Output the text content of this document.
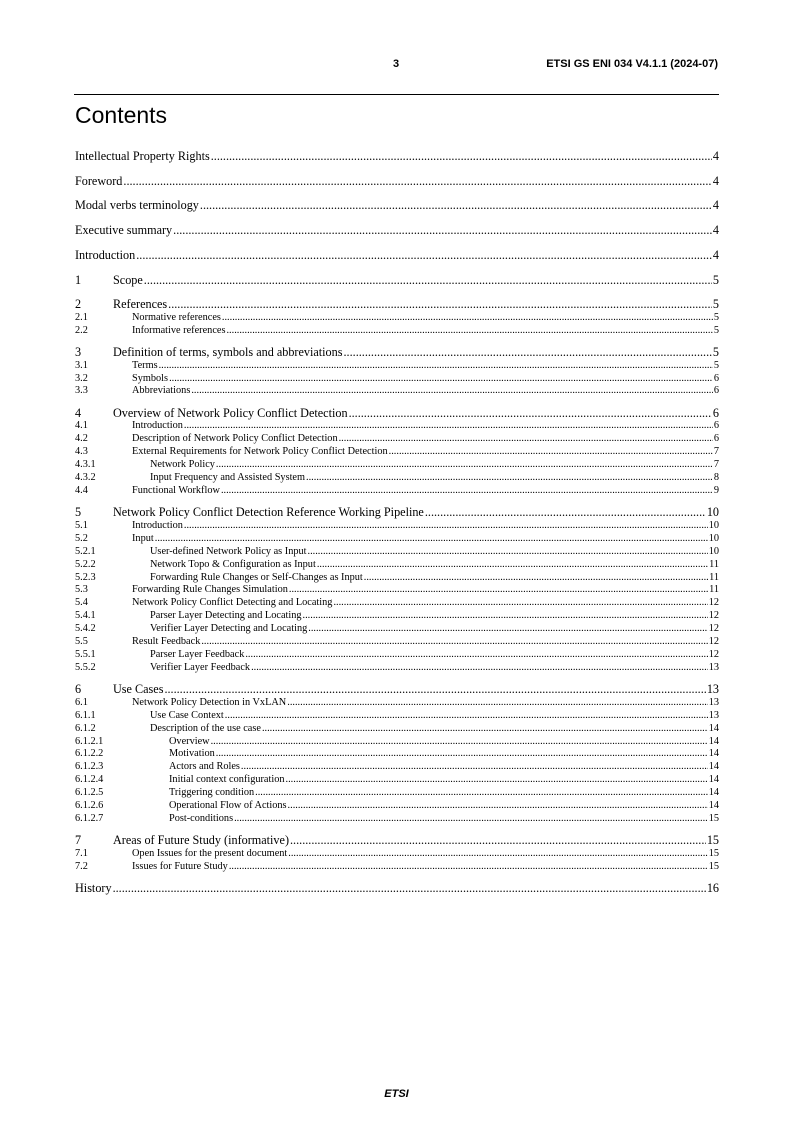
3	ETSI GS ENI 034 V4.1.1 (2024-07)
Contents
Intellectual Property Rights .....	4
Foreword .....	4
Modal verbs terminology .....	4
Executive summary .....	4
Introduction .....	4
1	Scope .....	5
2	References .....	5
2.1	Normative references .....	5
2.2	Informative references .....	5
3	Definition of terms, symbols and abbreviations .....	5
3.1	Terms .....	5
3.2	Symbols .....	6
3.3	Abbreviations .....	6
4	Overview of Network Policy Conflict Detection .....	6
4.1	Introduction .....	6
4.2	Description of Network Policy Conflict Detection .....	6
4.3	External Requirements for Network Policy Conflict Detection .....	7
4.3.1	Network Policy .....	7
4.3.2	Input Frequency and Assisted System .....	8
4.4	Functional Workflow .....	9
5	Network Policy Conflict Detection Reference Working Pipeline .....	10
5.1	Introduction .....	10
5.2	Input .....	10
5.2.1	User-defined Network Policy as Input .....	10
5.2.2	Network Topo & Configuration as Input .....	11
5.2.3	Forwarding Rule Changes or Self-Changes as Input .....	11
5.3	Forwarding Rule Changes Simulation .....	11
5.4	Network Policy Conflict Detecting and Locating .....	12
5.4.1	Parser Layer Detecting and Locating .....	12
5.4.2	Verifier Layer Detecting and Locating .....	12
5.5	Result Feedback .....	12
5.5.1	Parser Layer Feedback .....	12
5.5.2	Verifier Layer Feedback .....	13
6	Use Cases .....	13
6.1	Network Policy Detection in VxLAN .....	13
6.1.1	Use Case Context .....	13
6.1.2	Description of the use case .....	14
6.1.2.1	Overview .....	14
6.1.2.2	Motivation .....	14
6.1.2.3	Actors and Roles .....	14
6.1.2.4	Initial context configuration .....	14
6.1.2.5	Triggering condition .....	14
6.1.2.6	Operational Flow of Actions .....	14
6.1.2.7	Post-conditions .....	15
7	Areas of Future Study (informative) .....	15
7.1	Open Issues for the present document .....	15
7.2	Issues for Future Study .....	15
History .....	16
ETSI
